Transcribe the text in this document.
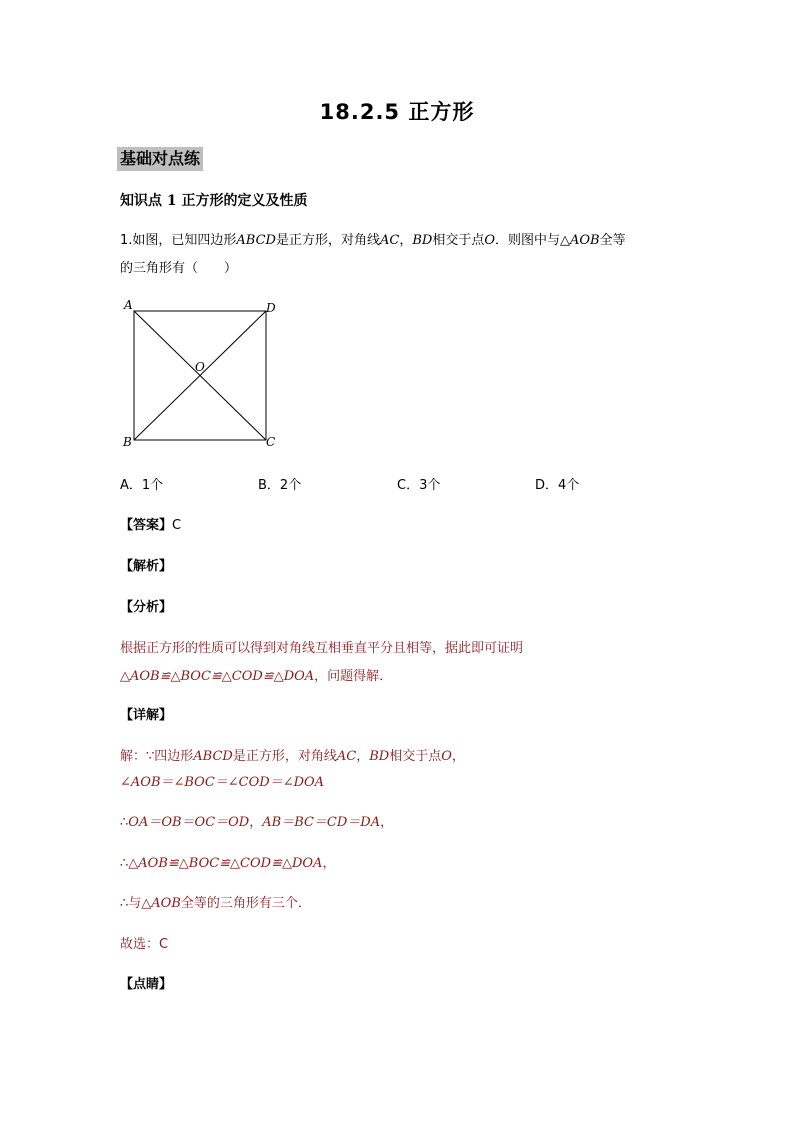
18.2.5 正方形
基础对点练
知识点 1 正方形的定义及性质
1.如图，已知四边形ABCD是正方形，对角线AC，BD相交于点O．则图中与△AOB全等
的三角形有（　　）
A	D
B	C
O
A．1个	B．2个	C．3个	D．4个
【答案】C
【解析】
【分析】
根据正方形的性质可以得到对角线互相垂直平分且相等，据此即可证明
△AOB≌△BOC≌△COD≌△DOA，问题得解．
【详解】
解：∵四边形ABCD是正方形，对角线AC，BD相交于点O，
∠AOB＝∠BOC＝∠COD＝∠DOA
∴OA＝OB＝OC＝OD，AB＝BC＝CD＝DA，
∴△AOB≌△BOC≌△COD≌△DOA，
∴与△AOB全等的三角形有三个．
故选：C
【点睛】
